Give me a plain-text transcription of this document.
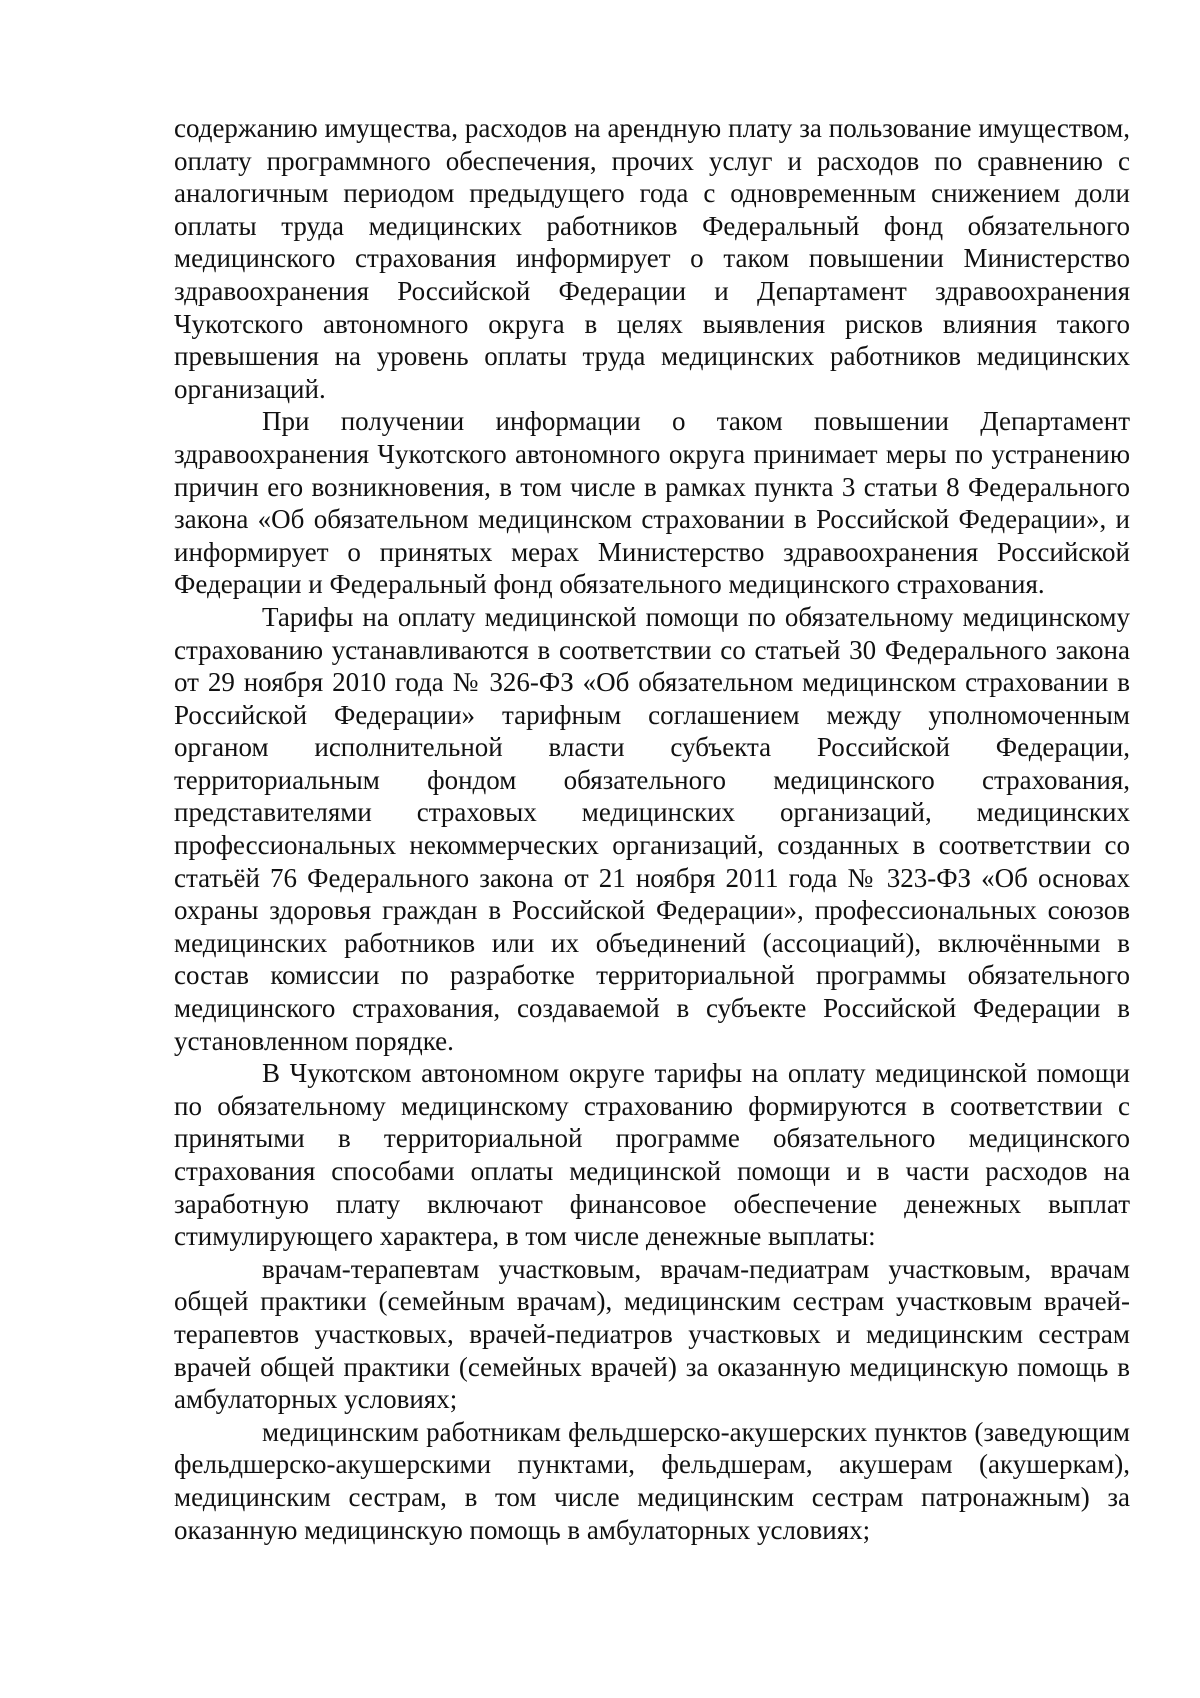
содержанию имущества, расходов на арендную плату за пользование имуществом, оплату программного обеспечения, прочих услуг и расходов по сравнению с аналогичным периодом предыдущего года с одновременным снижением доли оплаты труда медицинских работников Федеральный фонд обязательного медицинского страхования информирует о таком повышении Министерство здравоохранения Российской Федерации и Департамент здравоохранения Чукотского автономного округа в целях выявления рисков влияния такого превышения на уровень оплаты труда медицинских работников медицинских организаций.

При получении информации о таком повышении Департамент здравоохранения Чукотского автономного округа принимает меры по устранению причин его возникновения, в том числе в рамках пункта 3 статьи 8 Федерального закона «Об обязательном медицинском страховании в Российской Федерации», и информирует о принятых мерах Министерство здравоохранения Российской Федерации и Федеральный фонд обязательного медицинского страхования.

Тарифы на оплату медицинской помощи по обязательному медицинскому страхованию устанавливаются в соответствии со статьей 30 Федерального закона от 29 ноября 2010 года № 326-ФЗ «Об обязательном медицинском страховании в Российской Федерации» тарифным соглашением между уполномоченным органом исполнительной власти субъекта Российской Федерации, территориальным фондом обязательного медицинского страхования, представителями страховых медицинских организаций, медицинских профессиональных некоммерческих организаций, созданных в соответствии со статьёй 76 Федерального закона от 21 ноября 2011 года № 323-ФЗ «Об основах охраны здоровья граждан в Российской Федерации», профессиональных союзов медицинских работников или их объединений (ассоциаций), включёнными в состав комиссии по разработке территориальной программы обязательного медицинского страхования, создаваемой в субъекте Российской Федерации в установленном порядке.

В Чукотском автономном округе тарифы на оплату медицинской помощи по обязательному медицинскому страхованию формируются в соответствии с принятыми в территориальной программе обязательного медицинского страхования способами оплаты медицинской помощи и в части расходов на заработную плату включают финансовое обеспечение денежных выплат стимулирующего характера, в том числе денежные выплаты:

врачам-терапевтам участковым, врачам-педиатрам участковым, врачам общей практики (семейным врачам), медицинским сестрам участковым врачей-терапевтов участковых, врачей-педиатров участковых и медицинским сестрам врачей общей практики (семейных врачей) за оказанную медицинскую помощь в амбулаторных условиях;

медицинским работникам фельдшерско-акушерских пунктов (заведующим фельдшерско-акушерскими пунктами, фельдшерам, акушерам (акушеркам), медицинским сестрам, в том числе медицинским сестрам патронажным) за оказанную медицинскую помощь в амбулаторных условиях;
